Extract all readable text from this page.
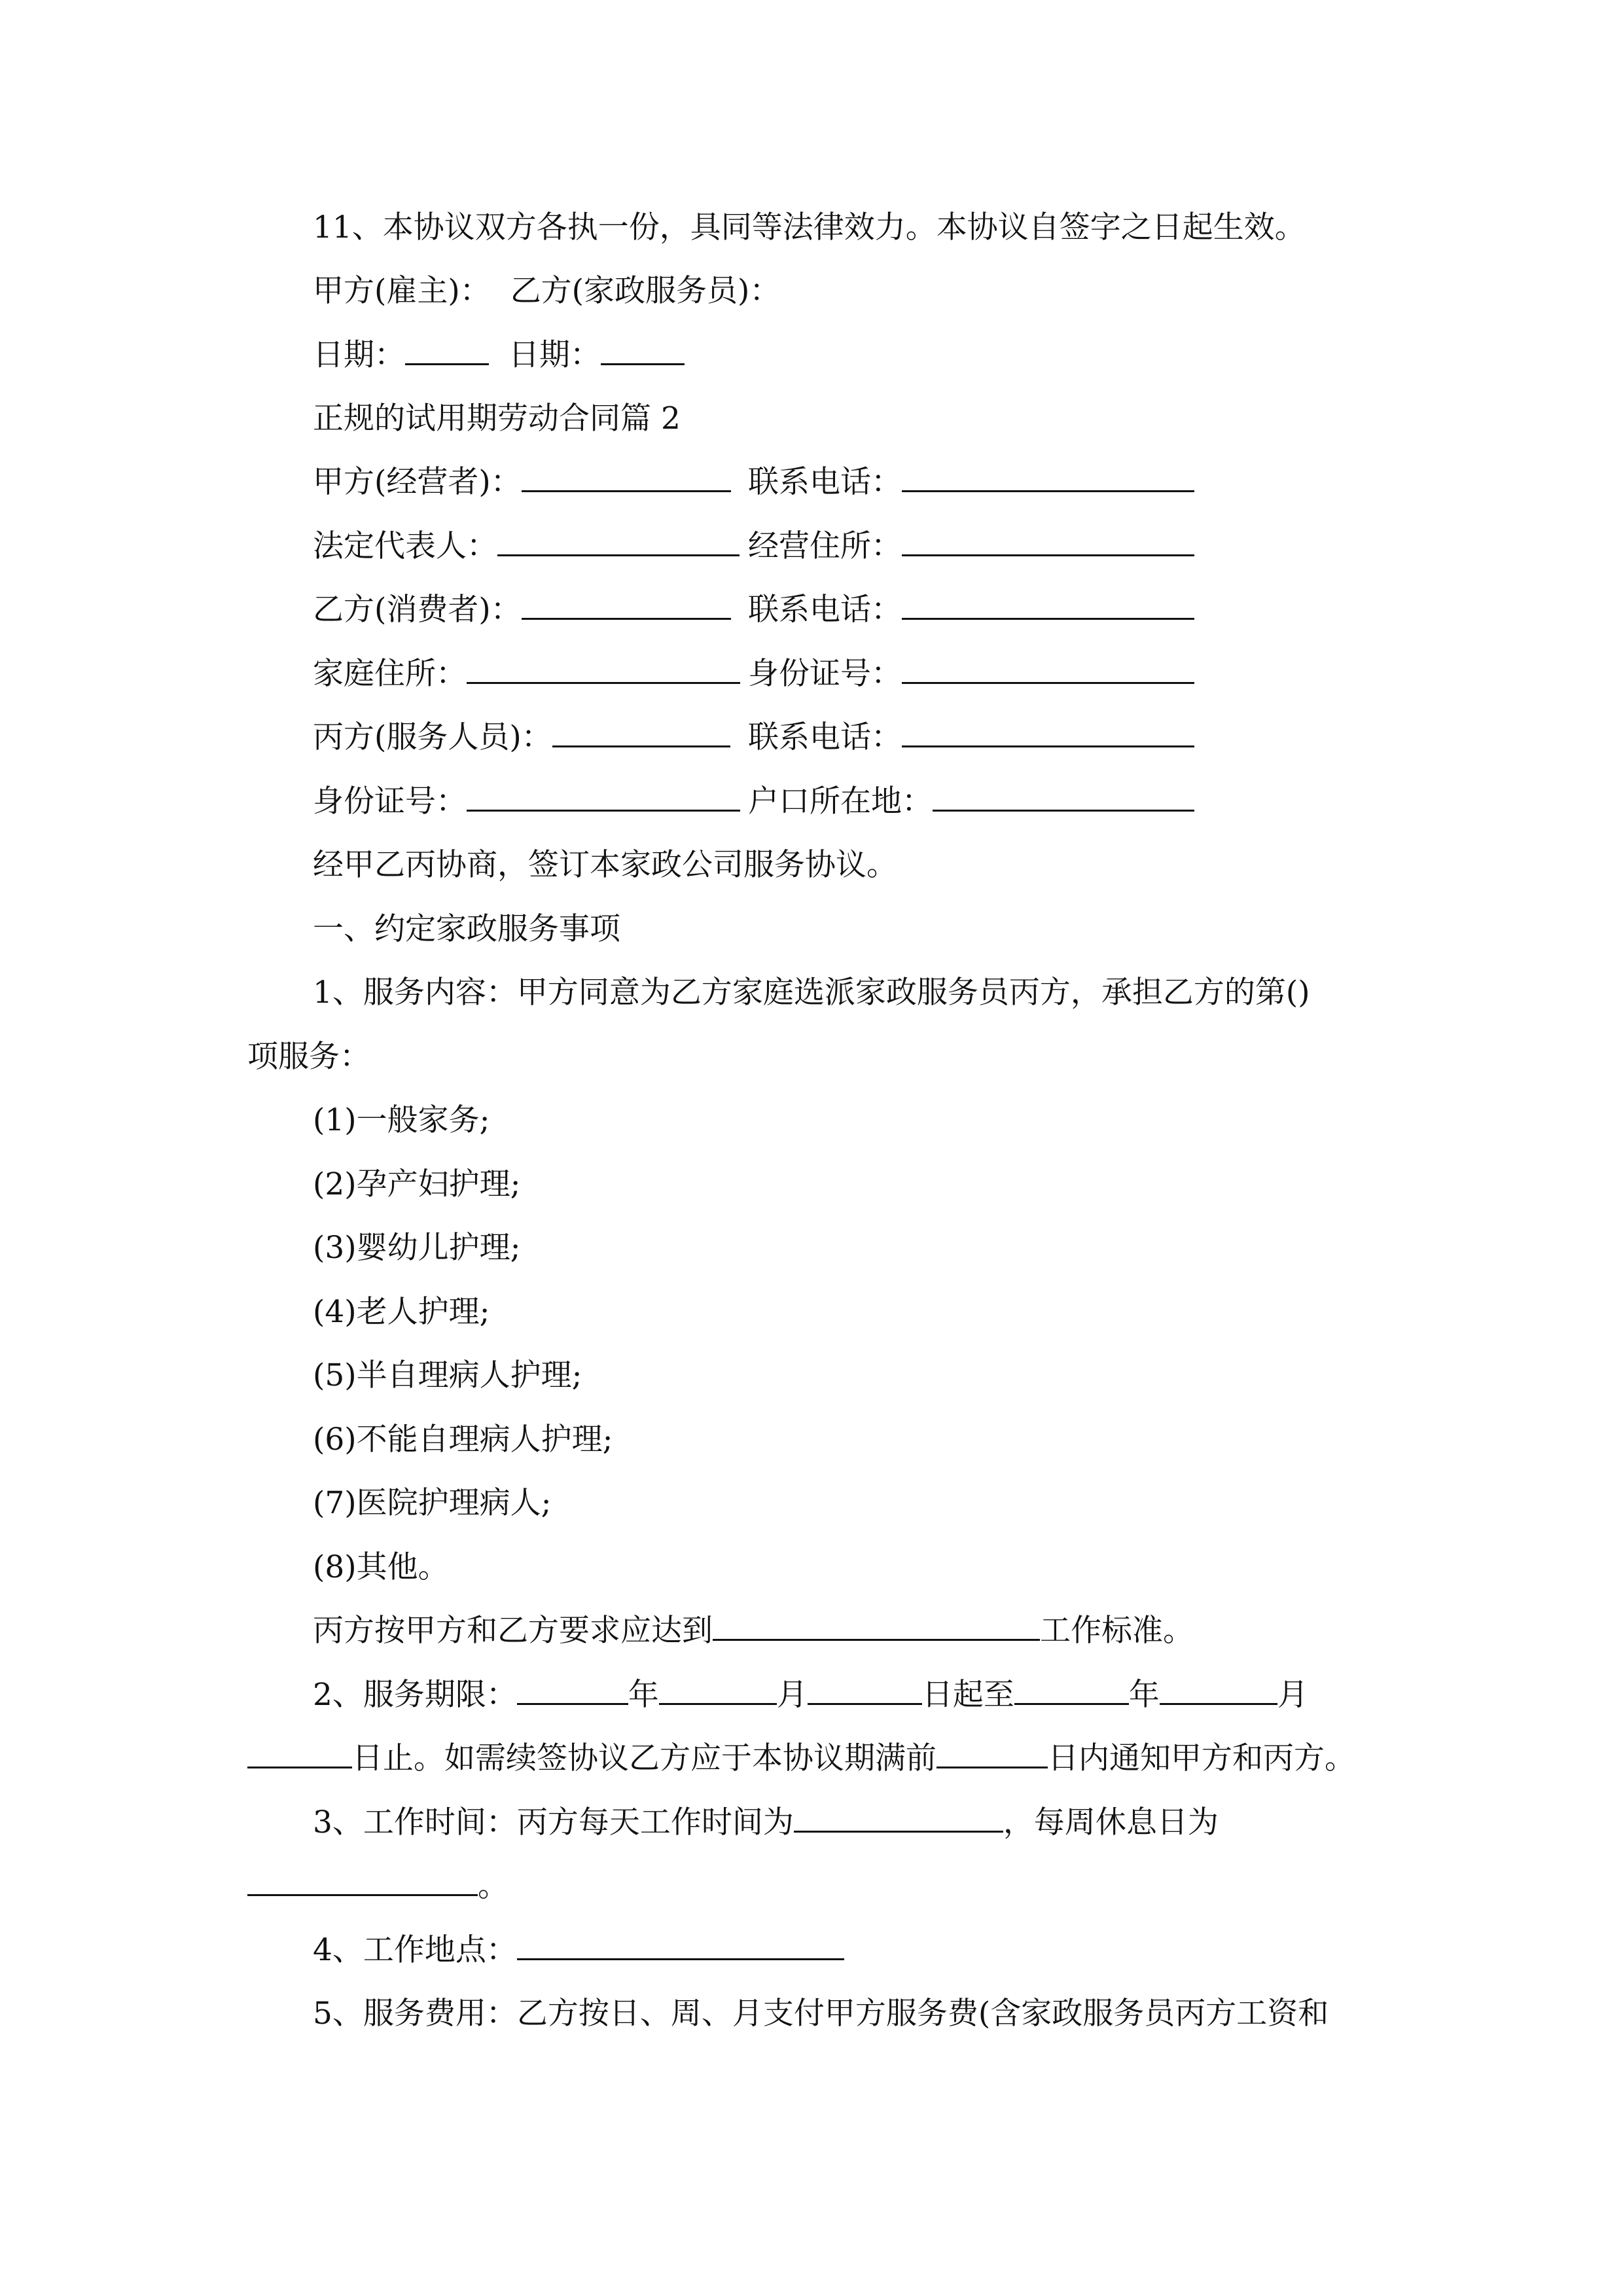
11、本协议双方各执一份，具同等法律效力。本协议自签字之日起生效。
甲方(雇主)： 乙方(家政服务员)：
日期：	日期：
正规的试用期劳动合同篇 2
甲方(经营者)：	联系电话：
法定代表人：	经营住所：
乙方(消费者)：	联系电话：
家庭住所：	身份证号：
丙方(服务人员)：	联系电话：
身份证号：	户口所在地：
经甲乙丙协商，签订本家政公司服务协议。
一、约定家政服务事项
1、服务内容：甲方同意为乙方家庭选派家政服务员丙方，承担乙方的第()
项服务：
(1)一般家务;
(2)孕产妇护理;
(3)婴幼儿护理;
(4)老人护理;
(5)半自理病人护理;
(6)不能自理病人护理;
(7)医院护理病人;
(8)其他。
丙方按甲方和乙方要求应达到	工作标准。
2、服务期限：	年	月	日起至	年	月
日止。如需续签协议乙方应于本协议期满前	日内通知甲方和丙方。
3、工作时间：丙方每天工作时间为	，每周休息日为
。
4、工作地点：
5、服务费用：乙方按日、周、月支付甲方服务费(含家政服务员丙方工资和
